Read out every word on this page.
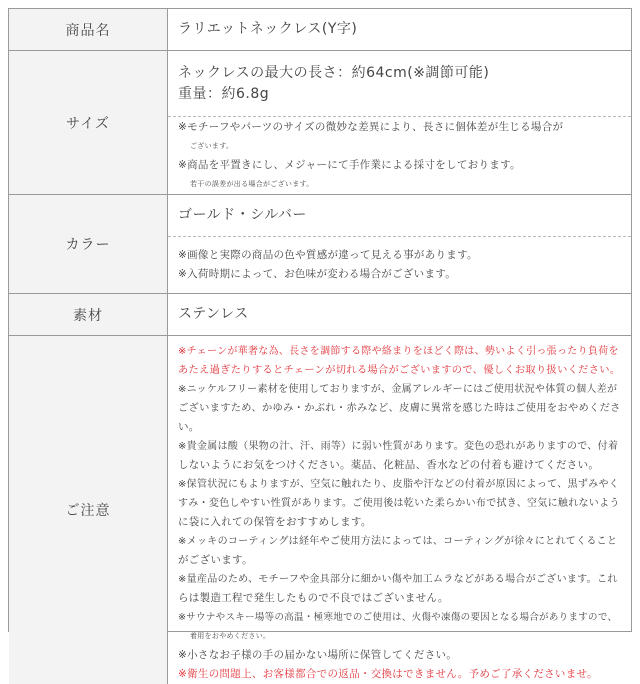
商品名	ラリエットネックレス(Y字)
サイズ
ネックレスの最大の長さ：約64cm(※調節可能)
重量：約6.8g
※モチーフやパーツのサイズの微妙な差異により、長さに個体差が生じる場合が
ございます。
※商品を平置きにし、メジャーにて手作業による採寸をしております。
若干の誤差が出る場合がございます。
カラー
ゴールド・シルバー
※画像と実際の商品の色や質感が違って見える事があります。
※入荷時期によって、お色味が変わる場合がございます。
素材	ステンレス
ご注意
※チェーンが華奢な為、長さを調節する際や絡まりをほどく際は、勢いよく引っ張ったり負荷を
あたえ過ぎたりするとチェーンが切れる場合がございますので、優しくお取り扱いください。
※ニッケルフリー素材を使用しておりますが、金属アレルギーにはご使用状況や体質の個人差が
ございますため、かゆみ・かぶれ・赤みなど、皮膚に異常を感じた時はご使用をおやめくださ
い。
※貴金属は酸（果物の汁、汗、雨等）に弱い性質があります。変色の恐れがありますので、付着
しないようにお気をつけください。薬品、化粧品、香水などの付着も避けてください。
※保管状況にもよりますが、空気に触れたり、皮脂や汗などの付着が原因によって、黒ずみやく
すみ・変色しやすい性質があります。ご使用後は乾いた柔らかい布で拭き、空気に触れないよう
に袋に入れての保管をおすすめします。
※メッキのコーティングは経年やご使用方法によっては、コーティングが徐々にとれてくること
がございます。
※量産品のため、モチーフや金具部分に細かい傷や加工ムラなどがある場合がございます。これ
らは製造工程で発生したもので不良ではございません。
※サウナやスキー場等の高温・極寒地でのご使用は、火傷や凍傷の要因となる場合がありますので、
着用をおやめください。
※小さなお子様の手の届かない場所に保管してください。
※衛生の問題上、お客様都合での返品・交換はできません。予めご了承くださいませ。
